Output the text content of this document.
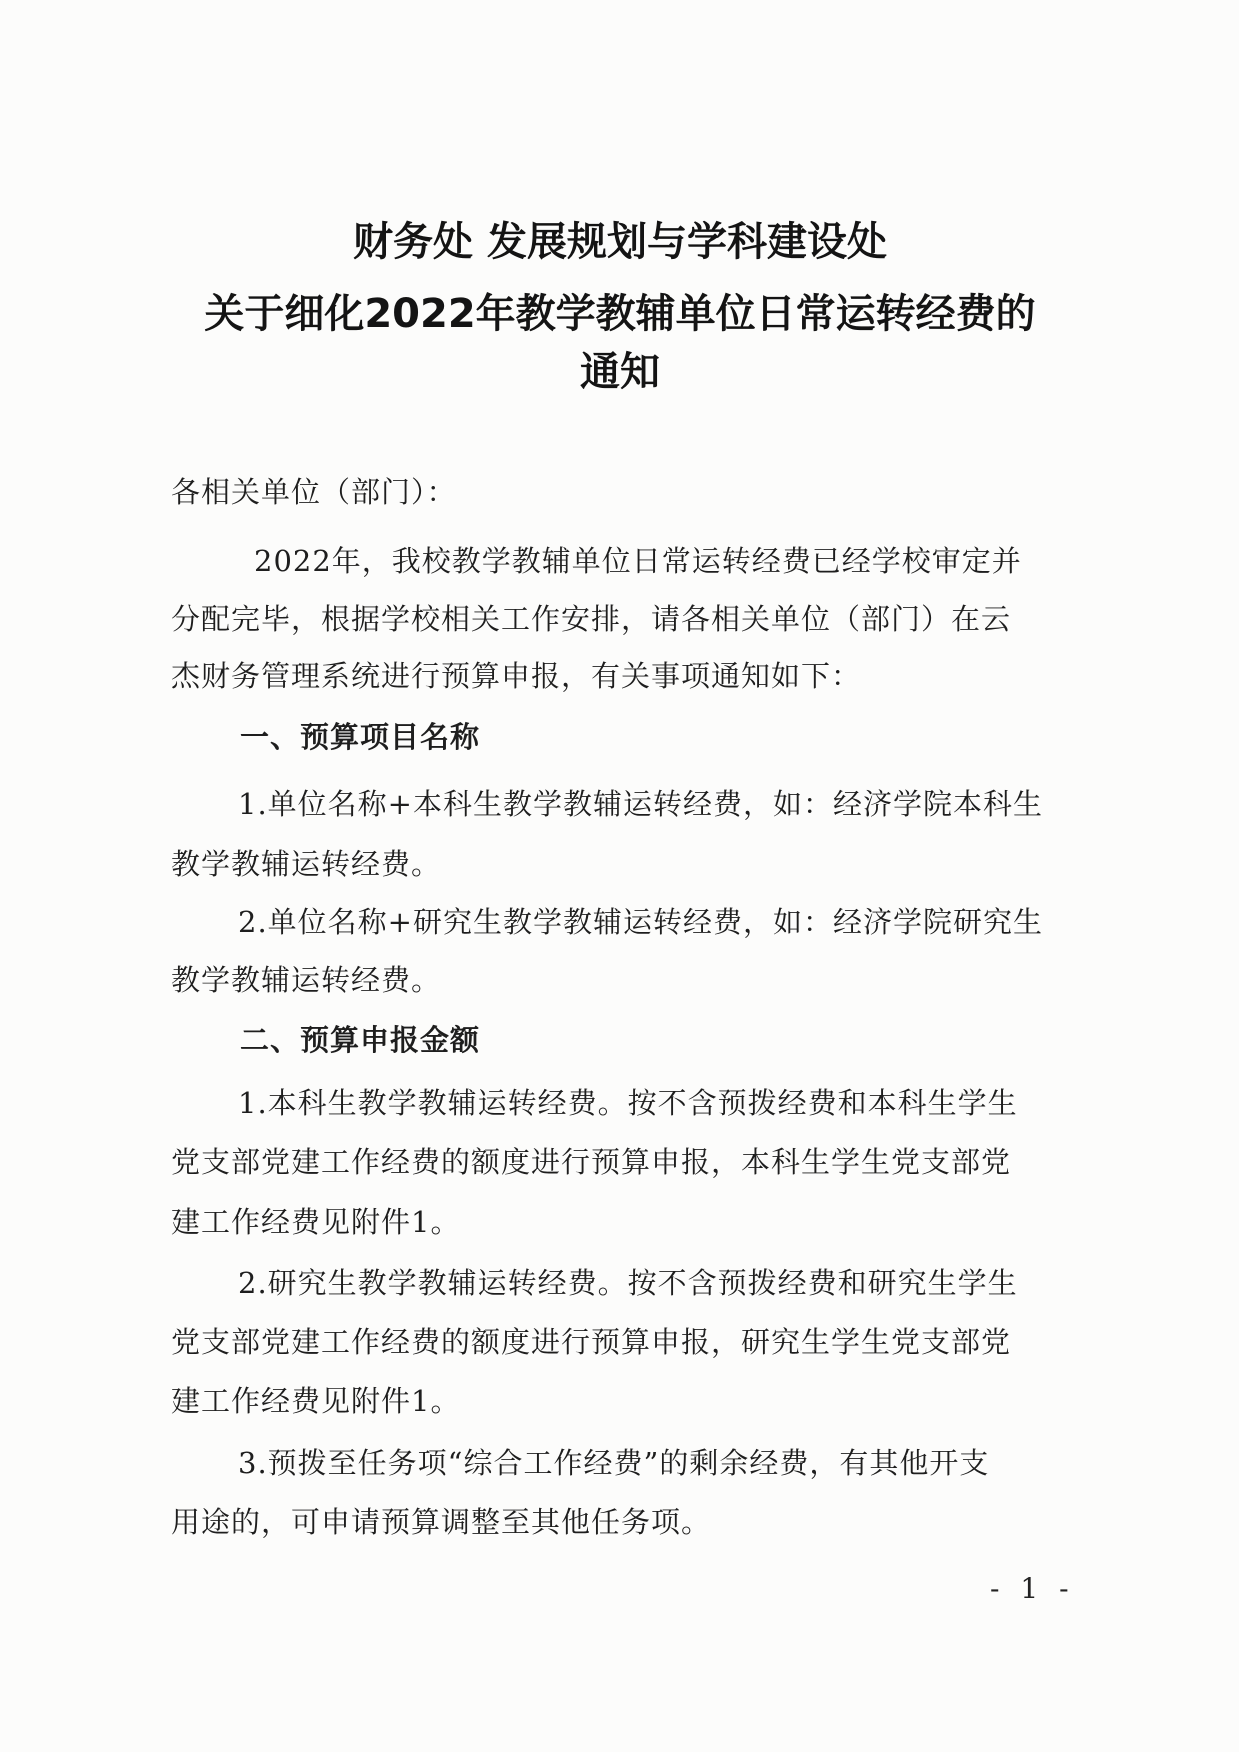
财务处 发展规划与学科建设处
关于细化2022年教学教辅单位日常运转经费的
通知
各相关单位（部门）：
2022年，我校教学教辅单位日常运转经费已经学校审定并
分配完毕，根据学校相关工作安排，请各相关单位（部门）在云
杰财务管理系统进行预算申报，有关事项通知如下：
一、预算项目名称
1.单位名称+本科生教学教辅运转经费，如：经济学院本科生
教学教辅运转经费。
2.单位名称+研究生教学教辅运转经费，如：经济学院研究生
教学教辅运转经费。
二、预算申报金额
1.本科生教学教辅运转经费。按不含预拨经费和本科生学生
党支部党建工作经费的额度进行预算申报，本科生学生党支部党
建工作经费见附件1。
2.研究生教学教辅运转经费。按不含预拨经费和研究生学生
党支部党建工作经费的额度进行预算申报，研究生学生党支部党
建工作经费见附件1。
3.预拨至任务项“综合工作经费”的剩余经费，有其他开支
用途的，可申请预算调整至其他任务项。
- 1 -
